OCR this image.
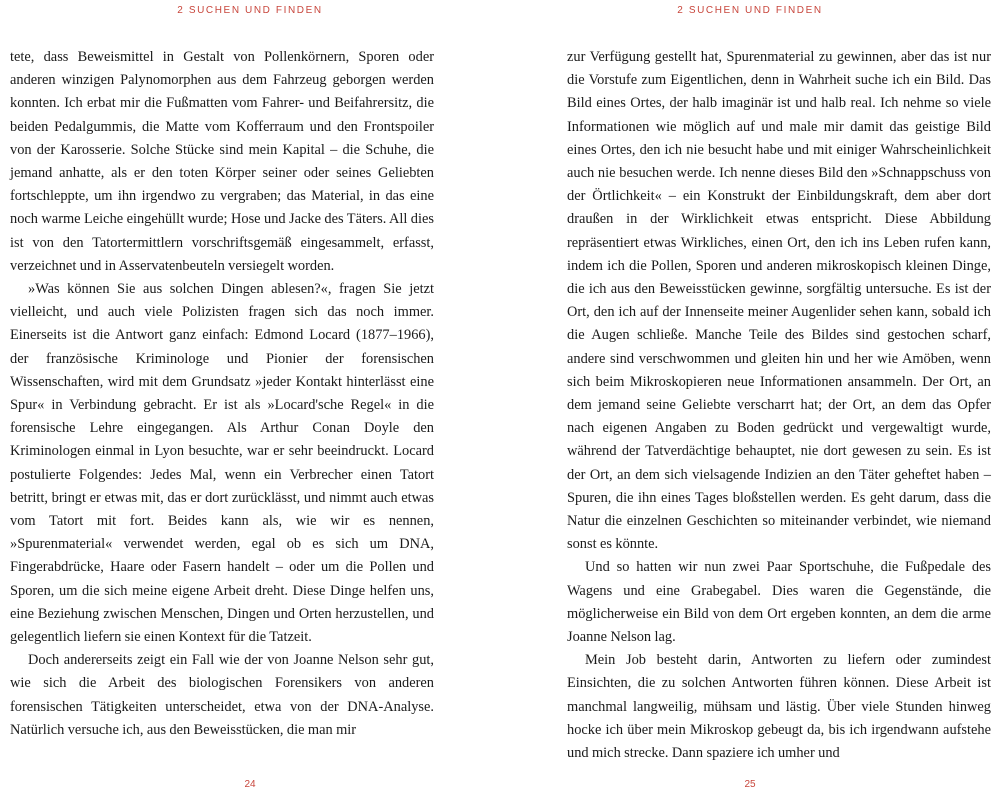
2 SUCHEN UND FINDEN

tete, dass Beweismittel in Gestalt von Pollenkörnern, Sporen oder anderen winzigen Palynomorphen aus dem Fahrzeug geborgen werden konnten. Ich erbat mir die Fußmatten vom Fahrer- und Beifahrersitz, die beiden Pedalgummis, die Matte vom Kofferraum und den Frontspoiler von der Karosserie. Solche Stücke sind mein Kapital – die Schuhe, die jemand anhatte, als er den toten Körper seiner oder seines Geliebten fortschleppte, um ihn irgendwo zu vergraben; das Material, in das eine noch warme Leiche eingehüllt wurde; Hose und Jacke des Täters. All dies ist von den Tatortermittlern vorschriftsgemäß eingesammelt, erfasst, verzeichnet und in Asservatenbeuteln versiegelt worden.

»Was können Sie aus solchen Dingen ablesen?«, fragen Sie jetzt vielleicht, und auch viele Polizisten fragen sich das noch immer. Einerseits ist die Antwort ganz einfach: Edmond Locard (1877–1966), der französische Kriminologe und Pionier der forensischen Wissenschaften, wird mit dem Grundsatz »jeder Kontakt hinterlässt eine Spur« in Verbindung gebracht. Er ist als »Locard'sche Regel« in die forensische Lehre eingegangen. Als Arthur Conan Doyle den Kriminologen einmal in Lyon besuchte, war er sehr beeindruckt. Locard postulierte Folgendes: Jedes Mal, wenn ein Verbrecher einen Tatort betritt, bringt er etwas mit, das er dort zurücklässt, und nimmt auch etwas vom Tatort mit fort. Beides kann als, wie wir es nennen, »Spurenmaterial« verwendet werden, egal ob es sich um DNA, Fingerabdrücke, Haare oder Fasern handelt – oder um die Pollen und Sporen, um die sich meine eigene Arbeit dreht. Diese Dinge helfen uns, eine Beziehung zwischen Menschen, Dingen und Orten herzustellen, und gelegentlich liefern sie einen Kontext für die Tatzeit.

Doch andererseits zeigt ein Fall wie der von Joanne Nelson sehr gut, wie sich die Arbeit des biologischen Forensikers von anderen forensischen Tätigkeiten unterscheidet, etwa von der DNA-Analyse. Natürlich versuche ich, aus den Beweisstücken, die man mir

24
2 SUCHEN UND FINDEN

zur Verfügung gestellt hat, Spurenmaterial zu gewinnen, aber das ist nur die Vorstufe zum Eigentlichen, denn in Wahrheit suche ich ein Bild. Das Bild eines Ortes, der halb imaginär ist und halb real. Ich nehme so viele Informationen wie möglich auf und male mir damit das geistige Bild eines Ortes, den ich nie besucht habe und mit einiger Wahrscheinlichkeit auch nie besuchen werde. Ich nenne dieses Bild den »Schnappschuss von der Örtlichkeit« – ein Konstrukt der Einbildungskraft, dem aber dort draußen in der Wirklichkeit etwas entspricht. Diese Abbildung repräsentiert etwas Wirkliches, einen Ort, den ich ins Leben rufen kann, indem ich die Pollen, Sporen und anderen mikroskopisch kleinen Dinge, die ich aus den Beweisstücken gewinne, sorgfältig untersuche. Es ist der Ort, den ich auf der Innenseite meiner Augenlider sehen kann, sobald ich die Augen schließe. Manche Teile des Bildes sind gestochen scharf, andere sind verschwommen und gleiten hin und her wie Amöben, wenn sich beim Mikroskopieren neue Informationen ansammeln. Der Ort, an dem jemand seine Geliebte verscharrt hat; der Ort, an dem das Opfer nach eigenen Angaben zu Boden gedrückt und vergewaltigt wurde, während der Tatverdächtige behauptet, nie dort gewesen zu sein. Es ist der Ort, an dem sich vielsagende Indizien an den Täter geheftet haben – Spuren, die ihn eines Tages bloßstellen werden. Es geht darum, dass die Natur die einzelnen Geschichten so miteinander verbindet, wie niemand sonst es könnte.

Und so hatten wir nun zwei Paar Sportschuhe, die Fußpedale des Wagens und eine Grabegabel. Dies waren die Gegenstände, die möglicherweise ein Bild von dem Ort ergeben konnten, an dem die arme Joanne Nelson lag.

Mein Job besteht darin, Antworten zu liefern oder zumindest Einsichten, die zu solchen Antworten führen können. Diese Arbeit ist manchmal langweilig, mühsam und lästig. Über viele Stunden hinweg hocke ich über mein Mikroskop gebeugt da, bis ich irgendwann aufstehe und mich strecke. Dann spaziere ich umher und

25
